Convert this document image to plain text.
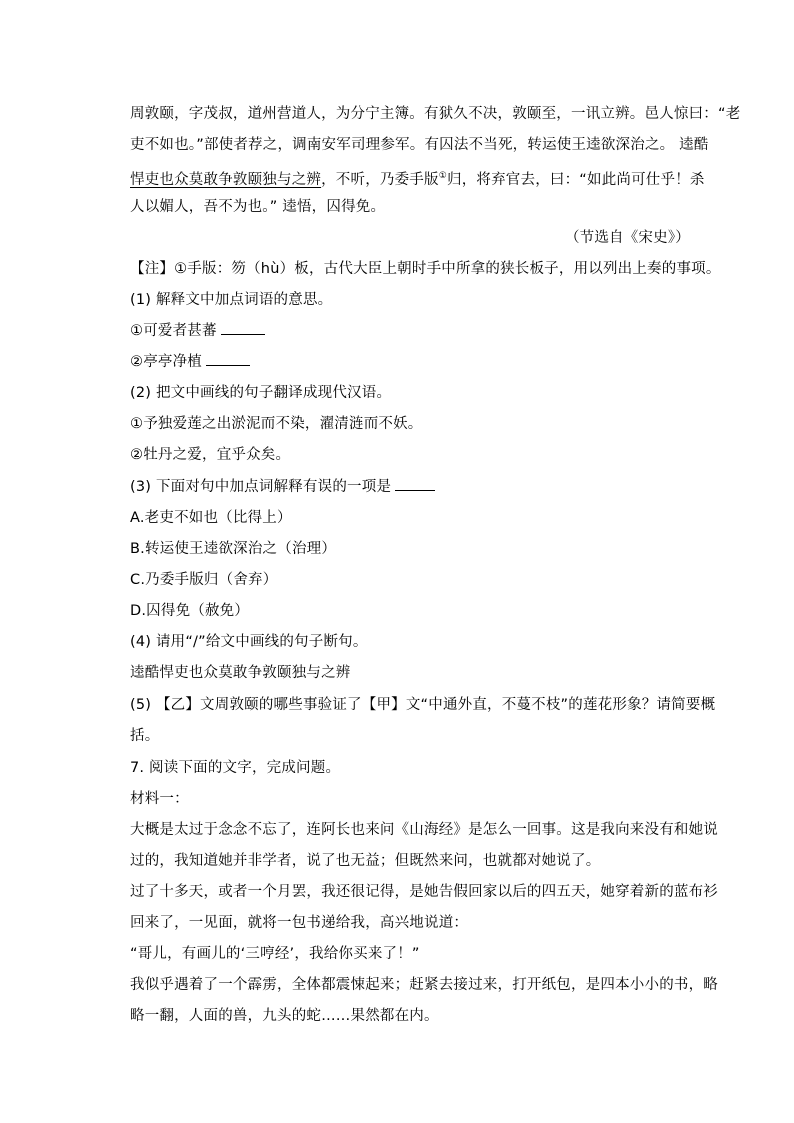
周敦颐，字茂叔，道州营道人，为分宁主簿。有狱久不决，敦颐至，一讯立辨。邑人惊曰：“老
吏不如也。”部使者荐之，调南安军司理参军。有囚法不当死，转运使王逵欲深治之。 逵酷
悍吏也众莫敢争敦颐独与之辨，不听，乃委手版①归，将弃官去，曰：“如此尚可仕乎！杀
人以媚人，吾不为也。” 逵悟，囚得免。
（节选自《宋史》）
【注】①手版：笏（hù）板，古代大臣上朝时手中所拿的狭长板子，用以列出上奏的事项。
(1) 解释文中加点词语的意思。
①可爱者甚蕃
②亭亭净植
(2) 把文中画线的句子翻译成现代汉语。
①予独爱莲之出淤泥而不染，濯清涟而不妖。
②牡丹之爱，宜乎众矣。
(3) 下面对句中加点词解释有误的一项是
A.老吏不如也（比得上）
B.转运使王逵欲深治之（治理）
C.乃委手版归（舍弃）
D.囚得免（赦免）
(4) 请用“/”给文中画线的句子断句。
逵酷悍吏也众莫敢争敦颐独与之辨
(5) 【乙】文周敦颐的哪些事验证了【甲】文“中通外直，不蔓不枝”的莲花形象？请简要概
括。
7. 阅读下面的文字，完成问题。
材料一：
大概是太过于念念不忘了，连阿长也来问《山海经》是怎么一回事。这是我向来没有和她说
过的，我知道她并非学者，说了也无益；但既然来问，也就都对她说了。
过了十多天，或者一个月罢，我还很记得，是她告假回家以后的四五天，她穿着新的蓝布衫
回来了，一见面，就将一包书递给我，高兴地说道：
“哥儿，有画儿的‘三哼经’，我给你买来了！”
我似乎遇着了一个霹雳，全体都震悚起来；赶紧去接过来，打开纸包，是四本小小的书，略
略一翻，人面的兽，九头的蛇……果然都在内。
